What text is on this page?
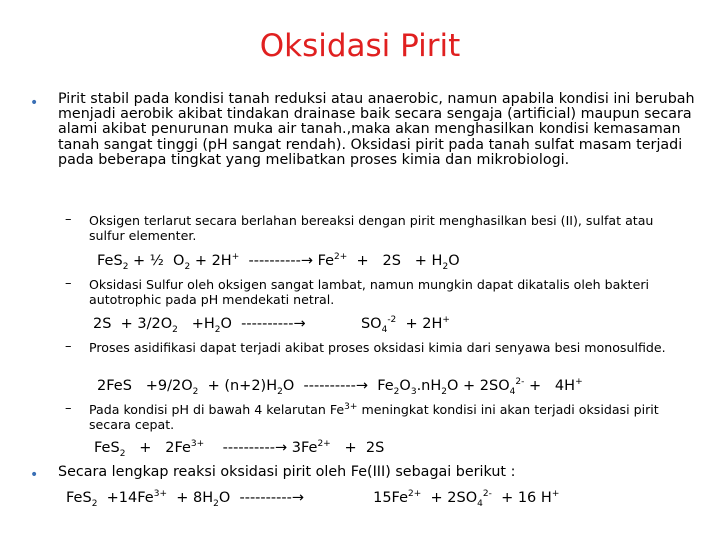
Oksidasi Pirit
• Pirit stabil pada kondisi tanah reduksi atau anaerobic, namun apabila kondisi ini berubah menjadi aerobik akibat tindakan drainase baik secara sengaja (artificial) maupun secara alami akibat penurunan muka air tanah.,maka akan menghasilkan kondisi kemasaman tanah sangat tinggi (pH sangat rendah). Oksidasi pirit pada tanah sulfat masam terjadi pada beberapa tingkat yang melibatkan proses kimia dan mikrobiologi.
– Oksigen terlarut secara berlahan bereaksi dengan pirit menghasilkan besi (II), sulfat atau sulfur elementer.
FeS$_2$ + ½  $O_2 + 2H^+$ ----------→ $Fe^{2+} + 2S + H_2O$
– Oksidasi Sulfur oleh oksigen sangat lambat, namun mungkin dapat dikatalis oleh bakteri autotrophic pada pH mendekati netral.
$2S + 3/2O_2 +H_2O$  ----------→            $SO_4^{-2} + 2H^+$
– Proses asidifikasi dapat terjadi akibat proses oksidasi kimia dari senyawa besi monosulfide.
$2FeS +9/2O_2 + (n+2)H_2O$  ----------→  $Fe_2O_3.nH_2O + 2SO_4^{2-} + 4H^+$
– Pada kondisi pH di bawah 4 kelarutan $Fe^{3+}$ meningkat kondisi ini akan terjadi oksidasi pirit secara cepat.
$FeS_2 + 2Fe^{3+}$ ----------→ $3Fe^{2+} + 2S$
• Secara lengkap reaksi oksidasi pirit oleh Fe(III) sebagai berikut :
$FeS_2 +14Fe^{3+} + 8H_2O$  ----------→               $15Fe^{2+} + 2SO_4^{2-} + 16$ H+
